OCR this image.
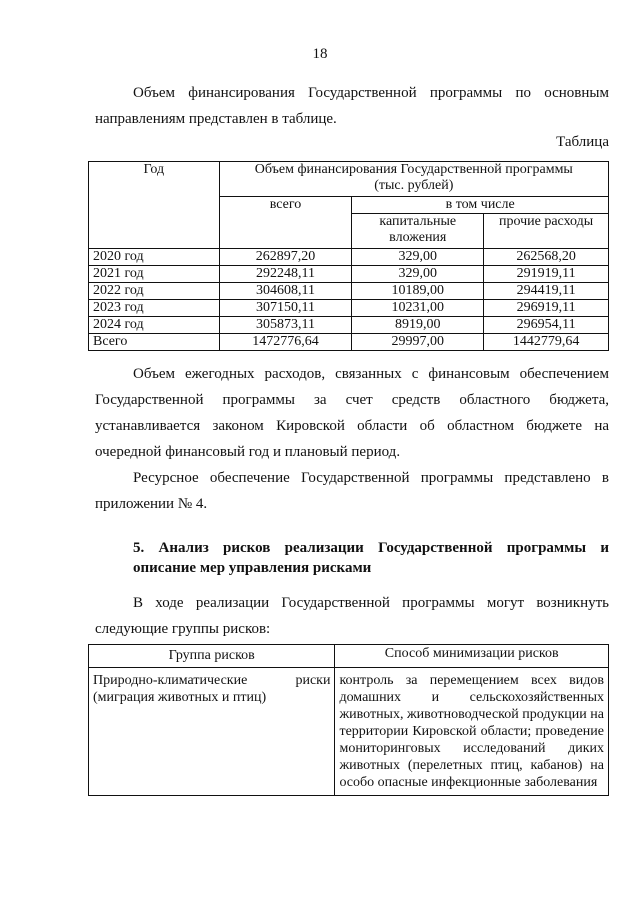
18
Объем финансирования Государственной программы по основным направлениям представлен в таблице.
Таблица
Год	Объем финансирования Государственной программы (тыс. рублей)		
	всего	в том числе	
		капитальные вложения	прочие расходы
2020 год	262897,20	329,00	262568,20
2021 год	292248,11	329,00	291919,11
2022 год	304608,11	10189,00	294419,11
2023 год	307150,11	10231,00	296919,11
2024 год	305873,11	8919,00	296954,11
Всего	1472776,64	29997,00	1442779,64
Объем ежегодных расходов, связанных с финансовым обеспечением Государственной программы за счет средств областного бюджета, устанавливается законом Кировской области об областном бюджете на очередной финансовый год и плановый период.
Ресурсное обеспечение Государственной программы представлено в приложении № 4.
5. Анализ рисков реализации Государственной программы и описание мер управления рисками
В ходе реализации Государственной программы могут возникнуть следующие группы рисков:
Группа рисков	Способ минимизации рисков
Природно-климатические риски (миграция животных и птиц)	контроль за перемещением всех видов домашних и сельскохозяйственных животных, животноводческой продукции на территории Кировской области; проведение мониторинговых исследований диких животных (перелетных птиц, кабанов) на особо опасные инфекционные заболевания
